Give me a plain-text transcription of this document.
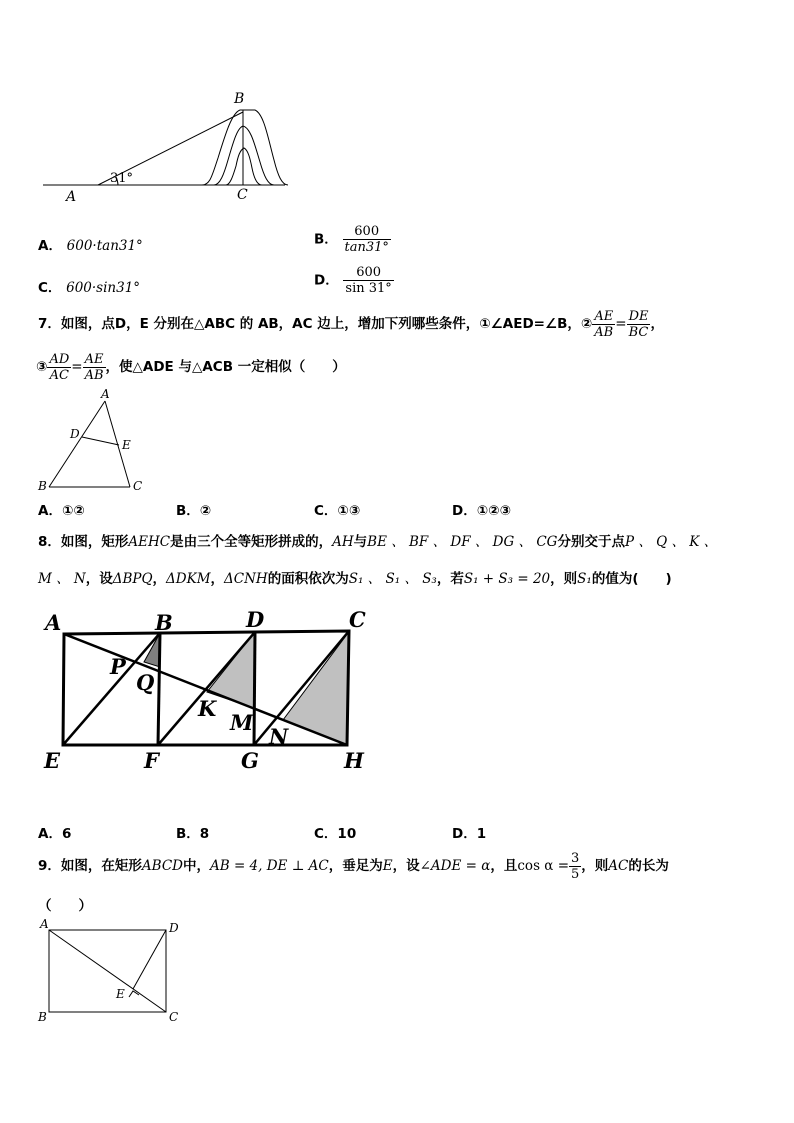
31°
B
A	C
A． 600·tan31°	B． $\frac{600}{\tan 31^\circ}$
C． 600·sin31°	D． $\frac{600}{\sin 31^\circ}$
7．如图，点D，E 分别在△ABC 的 AB，AC 边上，增加下列哪些条件，①∠AED=∠B，② $\frac{AE}{AB} = \frac{DE}{BC}$ ，
③ $\frac{AD}{AC} = \frac{AE}{AB}$ ，使△ADE 与△ACB 一定相似（　　）
A
D
E
B	C
A．①②	B．②	C．①③	D．①②③
8．如图，矩形AEHC是由三个全等矩形拼成的，AH与BE 、 BF 、 DF 、 DG 、 CG分别交于点P 、 Q 、 K 、
M 、 N，设ΔBPQ，ΔDKM，ΔCNH的面积依次为S₁ 、 S₁ 、 S₃，若S₁ + S₃ = 20，则S₁的值为(　　)
A	B	D	C
P
Q
K
M
N
E	F	G	H
A．6	B．8	C．10	D．1
9．如图，在矩形ABCD中，AB = 4, DE ⊥ AC，垂足为E，设∠ADE = α，且$\cos \alpha = \frac{3}{5}$ ，则AC的长为
（　　）
A	D
E
B	C
